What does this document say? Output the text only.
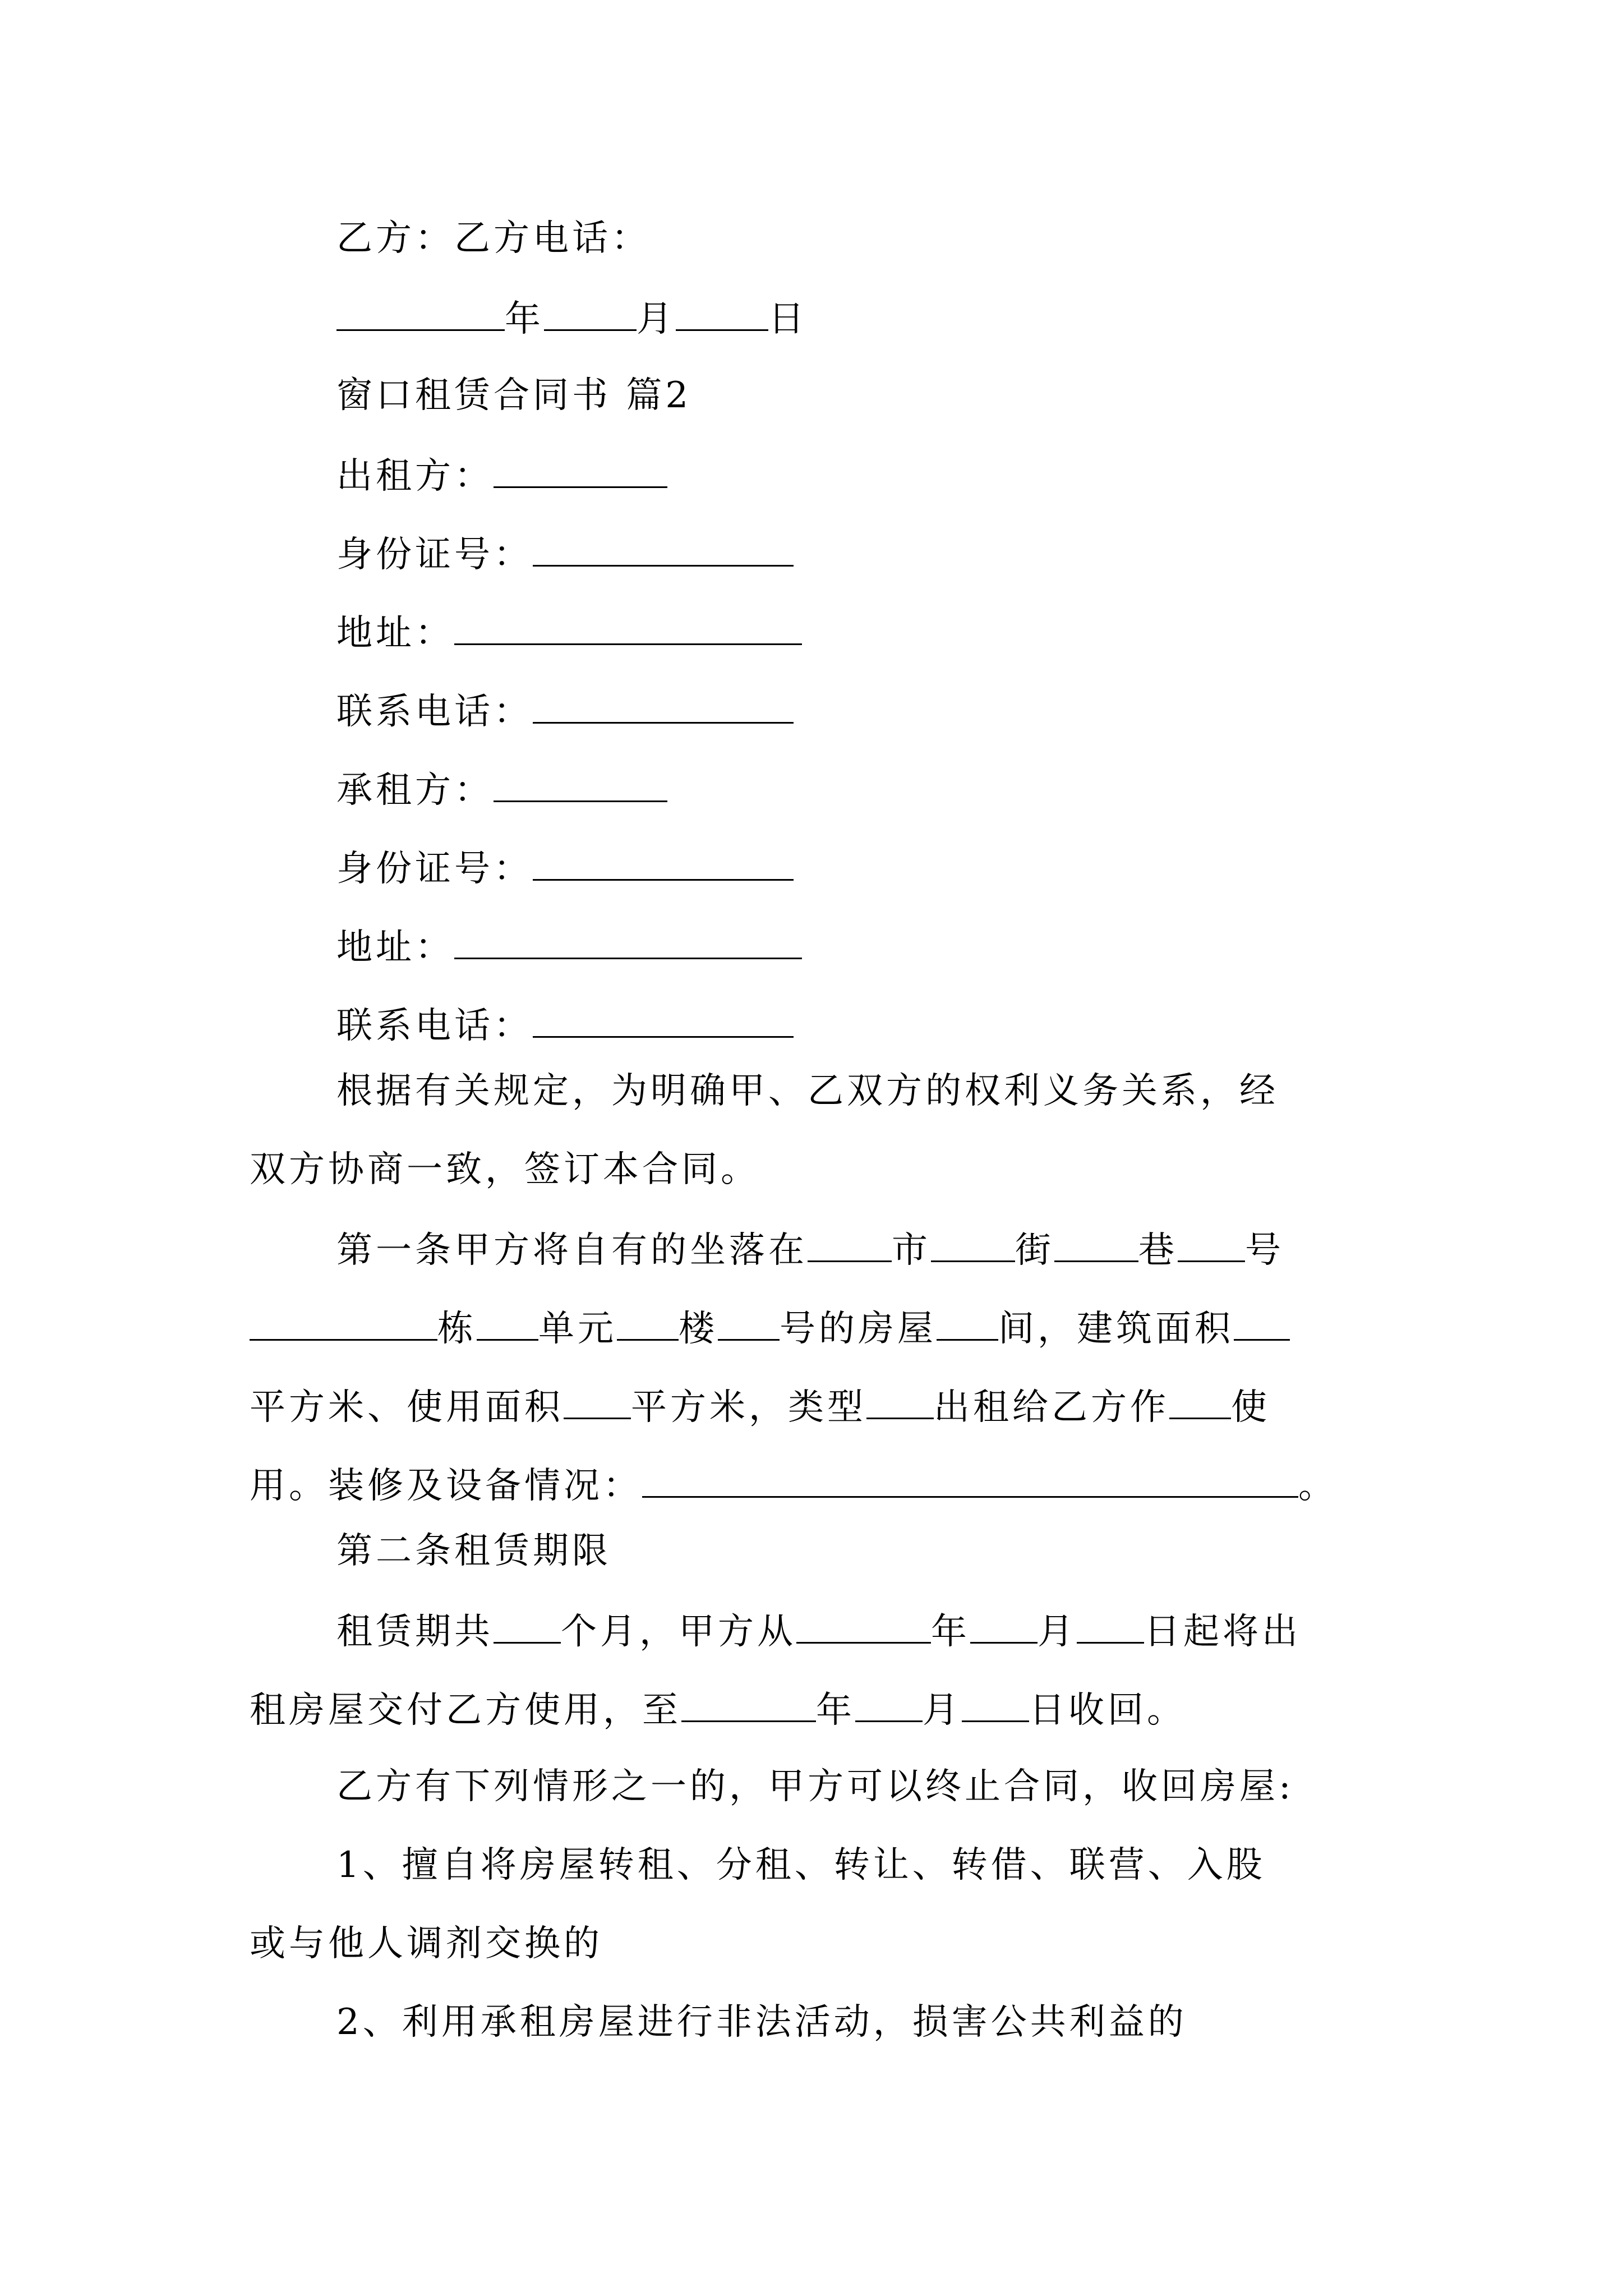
乙方：乙方电话：
年	月	日
窗口租赁合同书 篇2
出租方：
身份证号：
地址：
联系电话：
承租方：
身份证号：
地址：
联系电话：
根据有关规定，为明确甲、乙双方的权利义务关系，经
双方协商一致，签订本合同。
第一条甲方将自有的坐落在 市 街 巷 号
栋 单元 楼 号的房屋 间，建筑面积
平方米、使用面积 平方米，类型 出租给乙方作 使
用。装修及设备情况：	。
第二条租赁期限
租赁期共 个月，甲方从	年 月 日起将出
租房屋交付乙方使用，至	年 月 日收回。
乙方有下列情形之一的，甲方可以终止合同，收回房屋:
1、擅自将房屋转租、分租、转让、转借、联营、入股
或与他人调剂交换的
2、利用承租房屋进行非法活动，损害公共利益的
